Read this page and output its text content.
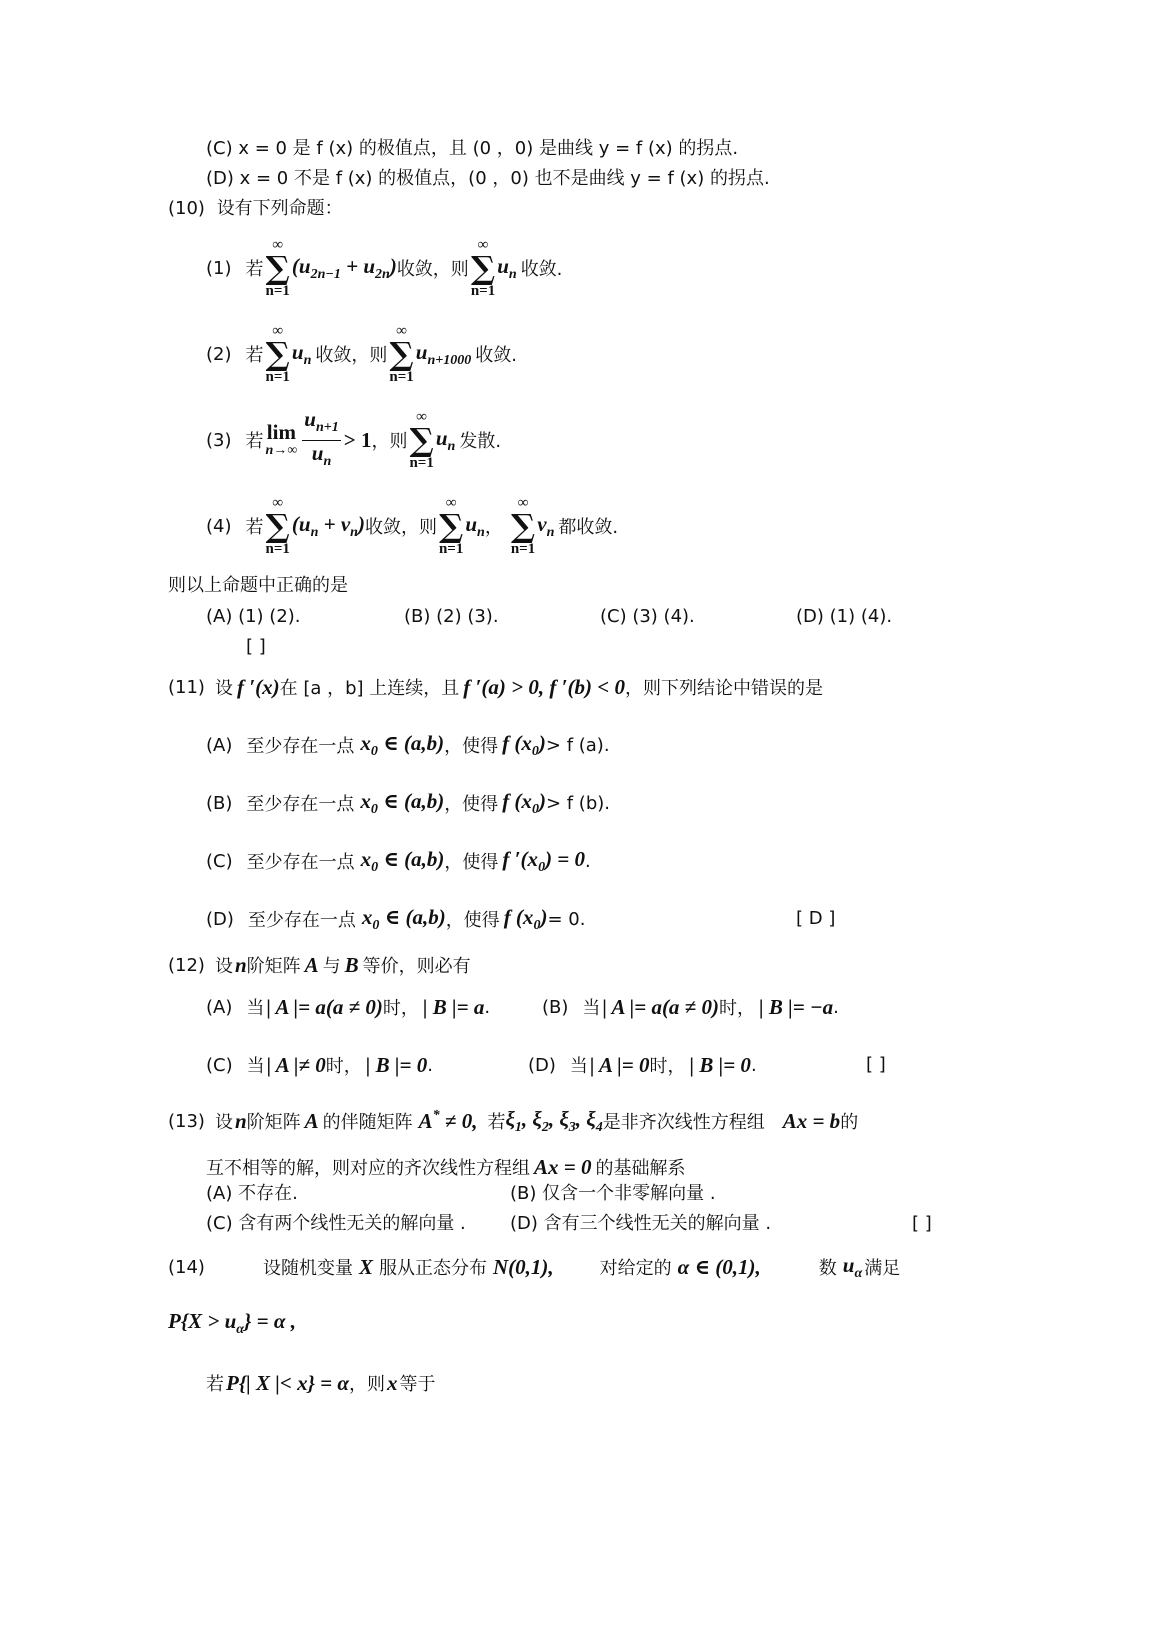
(C) x = 0 是 f (x) 的极值点，且 (0 ，0) 是曲线 y = f (x) 的拐点.
(D) x = 0 不是 f (x) 的极值点，(0 ，0) 也不是曲线 y = f (x) 的拐点.
(10) 设有下列命题：
(1) 若
∞
∑
n=1
$(u_{2n-1} + u_{2n})$ 收敛，则
∞
∑
n=1
$u_n$ 收敛.
(2) 若
∞
∑
n=1
$u_n$ 收敛，则
∞
∑
n=1
$u_{n+1000}$ 收敛.
(3) 若 lim
$n\to\infty \frac{u_{n+1}}{u_n} > 1$ ，则
∞
∑
n=1
$u_n$ 发散.
(4) 若
∞
∑
n=1
$(u_n + v_n)$ 收敛，则
∞
∑
n=1
$u_n$ ，
∞
∑
n=1
$v_n$ 都收敛.
则以上命题中正确的是
(A) (1) (2).	(B) (2) (3).	(C) (3) (4).	(D) (1) (4).
[ ]
(11) 设 f ′(x) 在 [a ，b] 上连续，且 f ′(a) > 0, f ′(b) < 0 ，则下列结论中错误的是
(A) 至少存在一点 $x_0$ ∈ (a,b) ，使得 f $(x_0) > f$ (a).
(B) 至少存在一点 $x_0$ ∈ (a,b) ，使得 f $(x_0) > f$ (b).
(C) 至少存在一点 $x_0$ ∈ (a,b) ，使得 f $'(x_0) = 0$ .
(D) 至少存在一点 $x_0$ ∈ (a,b) ，使得 f $(x_0) = 0$.	[ D ]
(12) 设 n 阶矩阵 A 与 B 等价，则必有
(A) 当 | A |= a(a ≠ 0) 时， | B |= a .	(B) 当 | A |= a(a ≠ 0) 时， | B |= −a .
(C) 当 | A |≠ 0 时， | B |= 0 .	(D) 当 | A |= 0 时， | B |= 0 .	[ ]
(13) 设 n 阶矩阵 A 的伴随矩阵 A* ≠ 0, 若 $\xi_1$, $\xi_2$, $\xi_3$, $\xi_4$ 是非齐次线性方程组 Ax = b 的
互不相等的解，则对应的齐次线性方程组 Ax = 0 的基础解系
(A) 不存在.	(B) 仅含一个非零解向量 .
(C) 含有两个线性无关的解向量 . (D) 含有三个线性无关的解向量 .	[ ]
(14)	设随机变量 X 服从正态分布 N(0,1),	对给定的 α ∈ (0,1),	数 $u_\alpha$ 满足
$P\{X > u_\alpha\} = \alpha$ ,
若 P{| X |< x} = α ，则 x 等于
